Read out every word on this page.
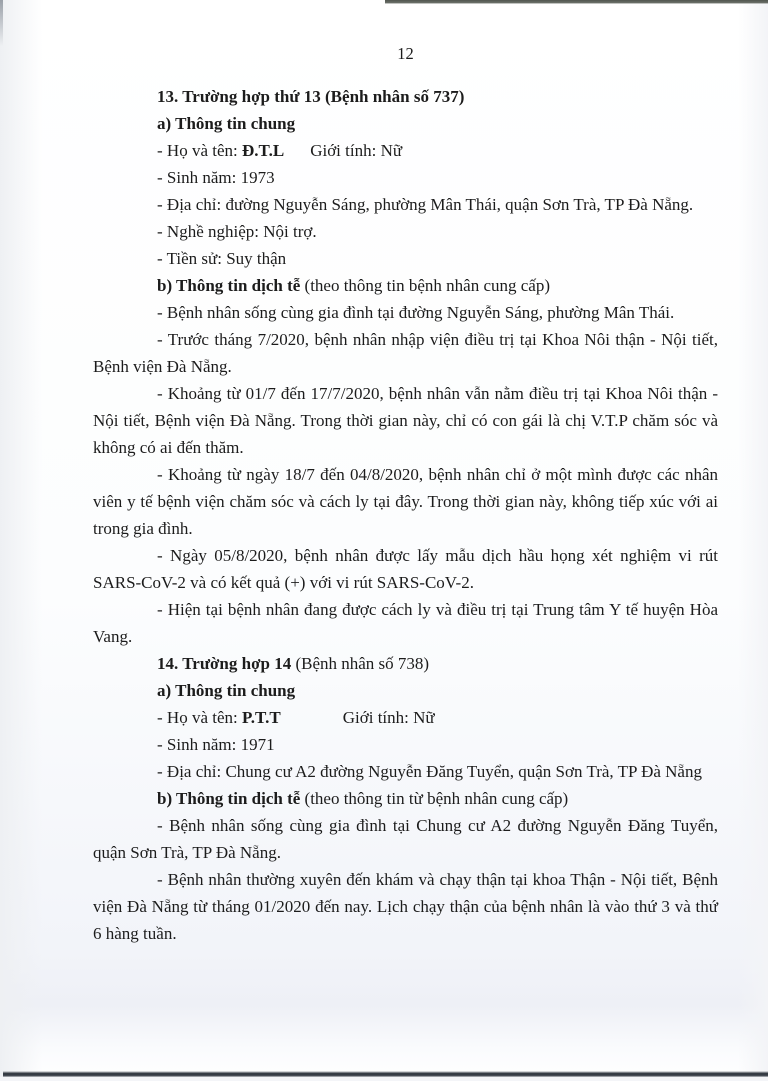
12

13. Trường hợp thứ 13 (Bệnh nhân số 737)

a) Thông tin chung

- Họ và tên: Đ.T.L Giới tính: Nữ

- Sinh năm: 1973

- Địa chỉ: đường Nguyễn Sáng, phường Mân Thái, quận Sơn Trà, TP Đà Nẵng.

- Nghề nghiệp: Nội trợ.

- Tiền sử: Suy thận

b) Thông tin dịch tễ (theo thông tin bệnh nhân cung cấp)

- Bệnh nhân sống cùng gia đình tại đường Nguyễn Sáng, phường Mân Thái.

- Trước tháng 7/2020, bệnh nhân nhập viện điều trị tại Khoa Nôi thận - Nội tiết, Bệnh viện Đà Nẵng.

- Khoảng từ 01/7 đến 17/7/2020, bệnh nhân vẫn nằm điều trị tại Khoa Nôi thận - Nội tiết, Bệnh viện Đà Nẵng. Trong thời gian này, chỉ có con gái là chị V.T.P chăm sóc và không có ai đến thăm.

- Khoảng từ ngày 18/7 đến 04/8/2020, bệnh nhân chỉ ở một mình được các nhân viên y tế bệnh viện chăm sóc và cách ly tại đây. Trong thời gian này, không tiếp xúc với ai trong gia đình.

- Ngày 05/8/2020, bệnh nhân được lấy mẫu dịch hầu họng xét nghiệm vi rút SARS-CoV-2 và có kết quả (+) với vi rút SARS-CoV-2.

- Hiện tại bệnh nhân đang được cách ly và điều trị tại Trung tâm Y tế huyện Hòa Vang.

14. Trường hợp 14 (Bệnh nhân số 738)

a) Thông tin chung

- Họ và tên: P.T.T	Giới tính: Nữ

- Sinh năm: 1971

- Địa chỉ: Chung cư A2 đường Nguyễn Đăng Tuyển, quận Sơn Trà, TP Đà Nẵng

b) Thông tin dịch tễ (theo thông tin từ bệnh nhân cung cấp)

- Bệnh nhân sống cùng gia đình tại Chung cư A2 đường Nguyễn Đăng Tuyển, quận Sơn Trà, TP Đà Nẵng.

- Bệnh nhân thường xuyên đến khám và chạy thận tại khoa Thận - Nội tiết, Bệnh viện Đà Nẵng từ tháng 01/2020 đến nay. Lịch chạy thận của bệnh nhân là vào thứ 3 và thứ 6 hàng tuần.
